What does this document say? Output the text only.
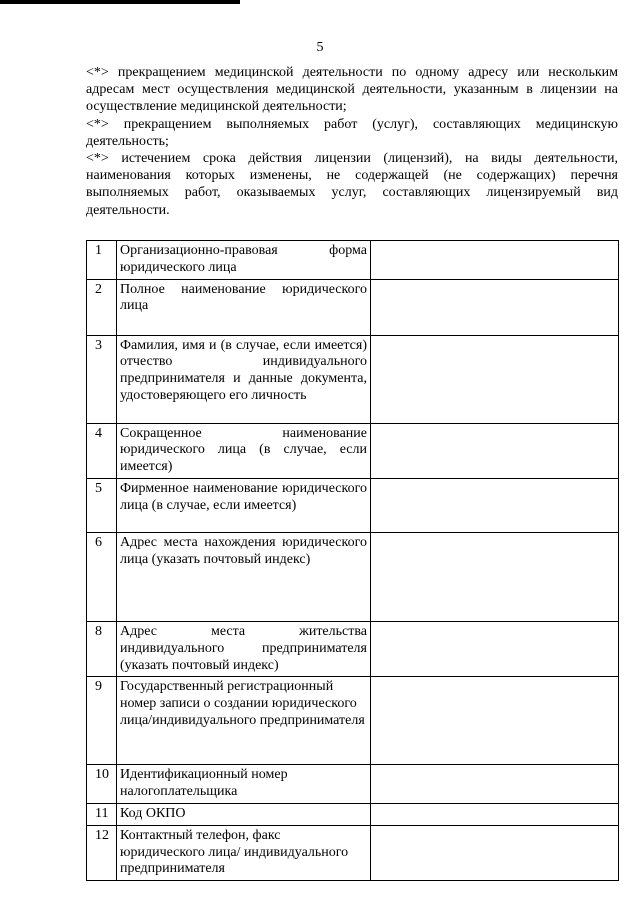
5

<*> прекращением медицинской деятельности по одному адресу или нескольким адресам мест осуществления медицинской деятельности, указанным в лицензии на осуществление медицинской деятельности;

<*> прекращением выполняемых работ (услуг), составляющих медицинскую деятельность;

<*> истечением срока действия лицензии (лицензий), на виды деятельности, наименования которых изменены, не содержащей (не содержащих) перечня выполняемых работ, оказываемых услуг, составляющих лицензируемый вид деятельности.

1	Организационно-правовая форма юридического лица	
2	Полное наименование юридического лица	
3	Фамилия, имя и (в случае, если имеется) отчество индивидуального предпринимателя и данные документа, удостоверяющего его личность	
4	Сокращенное наименование юридического лица (в случае, если имеется)	
5	Фирменное наименование юридического лица (в случае, если имеется)	
6	Адрес места нахождения юридического лица (указать почтовый индекс)	
8	Адрес места жительства индивидуального предпринимателя (указать почтовый индекс)	
9	Государственный регистрационный номер записи о создании юридического лица/индивидуального предпринимателя	
10	Идентификационный номер налогоплательщика	
11	Код ОКПО	
12	Контактный телефон, факс юридического лица/ индивидуального предпринимателя	
